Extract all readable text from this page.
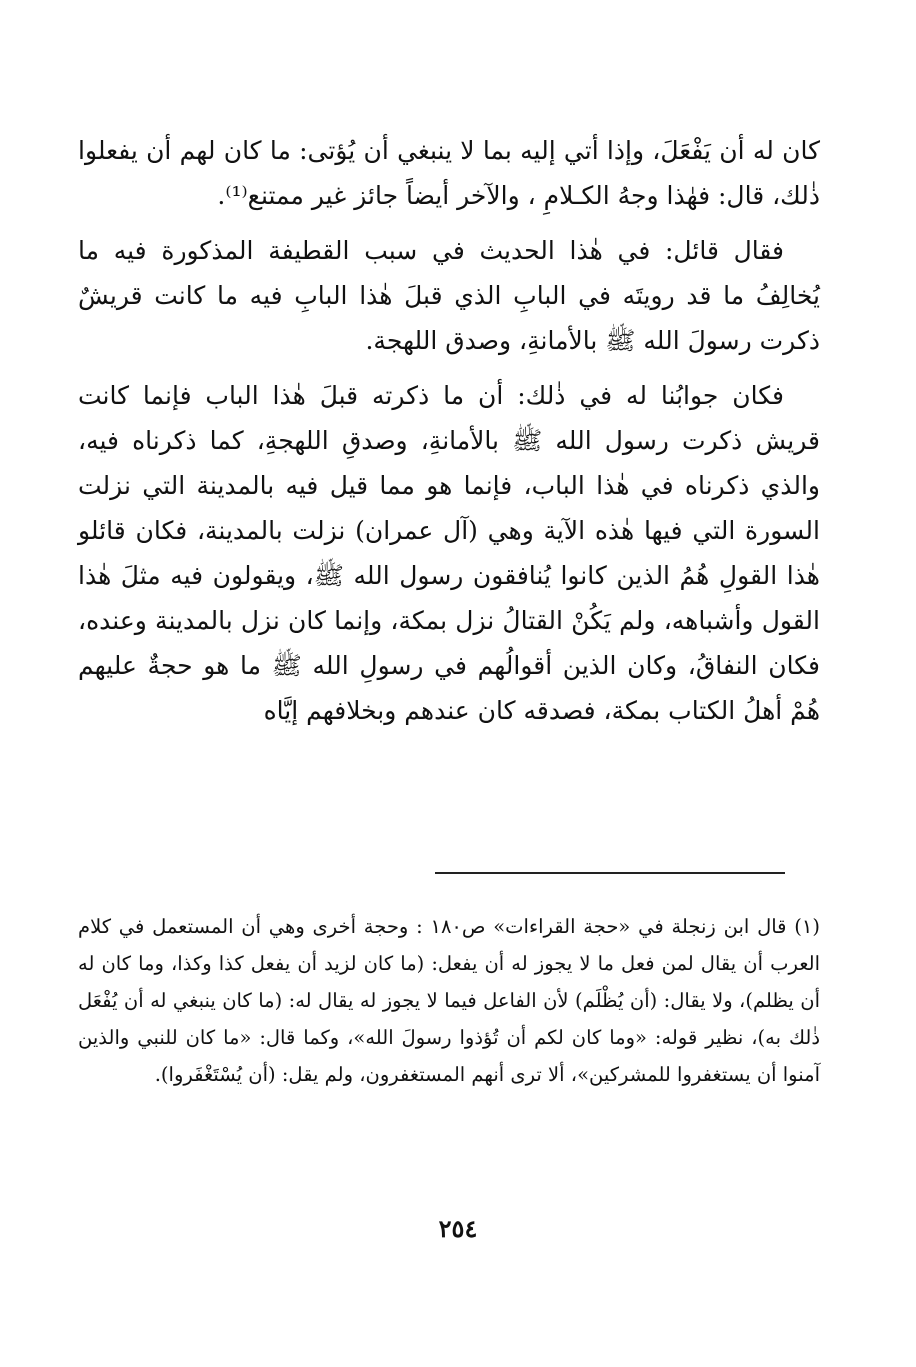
كان له أن يَفْعَلَ، وإذا أتي إليه بما لا ينبغي أن يُؤتى: ما كان لهم أن يفعلوا ذٰلك، قال: فهٰذا وجهُ الكـلامِ ، والآخر أيضاً جائز غير ممتنع⁽¹⁾.

فقال قائل: في هٰذا الحديث في سبب القطيفة المذكورة فيه ما يُخالِفُ ما قد رويتَه في البابِ الذي قبلَ هٰذا البابِ فيه ما كانت قريشٌ ذكرت رسولَ الله ﷺ بالأمانةِ، وصدق اللهجة.

فكان جوابُنا له في ذٰلك: أن ما ذكرته قبلَ هٰذا الباب فإنما كانت قريش ذكرت رسول الله ﷺ بالأمانةِ، وصدقِ اللهجةِ، كما ذكرناه فيه، والذي ذكرناه في هٰذا الباب، فإنما هو مما قيل فيه بالمدينة التي نزلت السورة التي فيها هٰذه الآية وهي (آل عمران) نزلت بالمدينة، فكان قائلو هٰذا القولِ هُمُ الذين كانوا يُنافقون رسول الله ﷺ، ويقولون فيه مثلَ هٰذا القول وأشباهه، ولم يَكُنْ القتالُ نزل بمكة، وإنما كان نزل بالمدينة وعنده، فكان النفاقُ، وكان الذين أقوالُهم في رسولِ الله ﷺ ما هو حجةٌ عليهم هُمْ أهلُ الكتاب بمكة، فصدقه كان عندهم وبخلافهم إيَّاه

(١) قال ابن زنجلة في «حجة القراءات» ص١٨٠ : وحجة أخرى وهي أن المستعمل في كلام العرب أن يقال لمن فعل ما لا يجوز له أن يفعل: (ما كان لزيد أن يفعل كذا وكذا، وما كان له أن يظلم)، ولا يقال: (أن يُظْلَم) لأن الفاعل فيما لا يجوز له يقال له: (ما كان ينبغي له أن يُفْعَل ذٰلك به)، نظير قوله: «وما كان لكم أن تُؤذوا رسولَ الله»، وكما قال: «ما كان للنبي والذين آمنوا أن يستغفروا للمشركين»، ألا ترى أنهم المستغفرون، ولم يقل: (أن يُسْتَغْفَروا).

٢٥٤
